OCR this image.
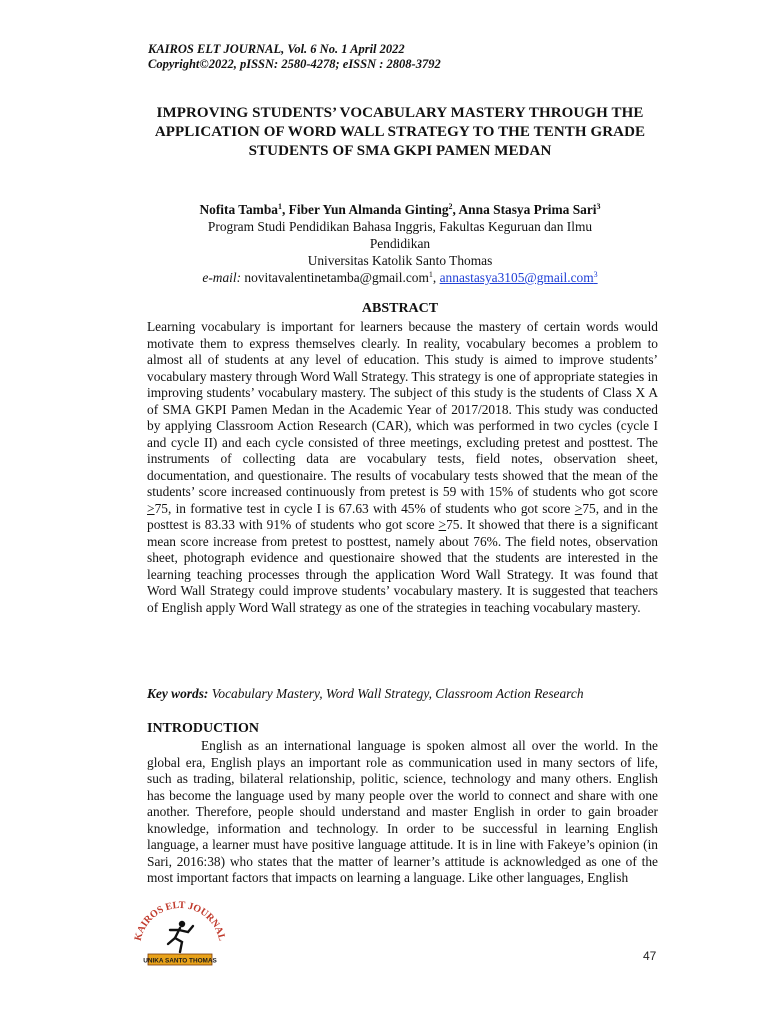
KAIROS ELT JOURNAL, Vol. 6 No. 1 April 2022
Copyright©2022, pISSN: 2580-4278; eISSN : 2808-3792
IMPROVING STUDENTS’ VOCABULARY MASTERY THROUGH THE APPLICATION OF WORD WALL STRATEGY TO THE TENTH GRADE STUDENTS OF SMA GKPI PAMEN MEDAN
Nofita Tamba$^1$, Fiber Yun Almanda Ginting$^2$, Anna Stasya Prima Sari$^3$
Program Studi Pendidikan Bahasa Inggris, Fakultas Keguruan dan Ilmu
Pendidikan
Universitas Katolik Santo Thomas
e-mail: novitavalentinetamba@gmail.com$^1$, annastasya3105@gmail.com$^3$
ABSTRACT
Learning vocabulary is important for learners because the mastery of certain words would motivate them to express themselves clearly. In reality, vocabulary becomes a problem to almost all of students at any level of education. This study is aimed to improve students’ vocabulary mastery through Word Wall Strategy. This strategy is one of appropriate stategies in improving students’ vocabulary mastery. The subject of this study is the students of Class X A of SMA GKPI Pamen Medan in the Academic Year of 2017/2018. This study was conducted by applying Classroom Action Research (CAR), which was performed in two cycles (cycle I and cycle II) and each cycle consisted of three meetings, excluding pretest and posttest. The instruments of collecting data are vocabulary tests, field notes, observation sheet, documentation, and questionaire. The results of vocabulary tests showed that the mean of the students’ score increased continuously from pretest is 59 with 15% of students who got score ≥75, in formative test in cycle I is 67.63 with 45% of students who got score ≥75, and in the posttest is 83.33 with 91% of students who got score ≥75. It showed that there is a significant mean score increase from pretest to posttest, namely about 76%. The field notes, observation sheet, photograph evidence and questionaire showed that the students are interested in the learning teaching processes through the application Word Wall Strategy. It was found that Word Wall Strategy could improve students’ vocabulary mastery. It is suggested that teachers of English apply Word Wall strategy as one of the strategies in teaching vocabulary mastery.
Key words: Vocabulary Mastery, Word Wall Strategy, Classroom Action Research
INTRODUCTION
English as an international language is spoken almost all over the world. In the global era, English plays an important role as communication used in many sectors of life, such as trading, bilateral relationship, politic, science, technology and many others. English has become the language used by many people over the world to connect and share with one another. Therefore, people should understand and master English in order to gain broader knowledge, information and technology. In order to be successful in learning English language, a learner must have positive language attitude. It is in line with Fakeye’s opinion (in Sari, 2016:38) who states that the matter of learner’s attitude is acknowledged as one of the most important factors that impacts on learning a language. Like other languages, English
KAIROS ELT JOURNAL
UNIKA SANTO THOMAS	47
